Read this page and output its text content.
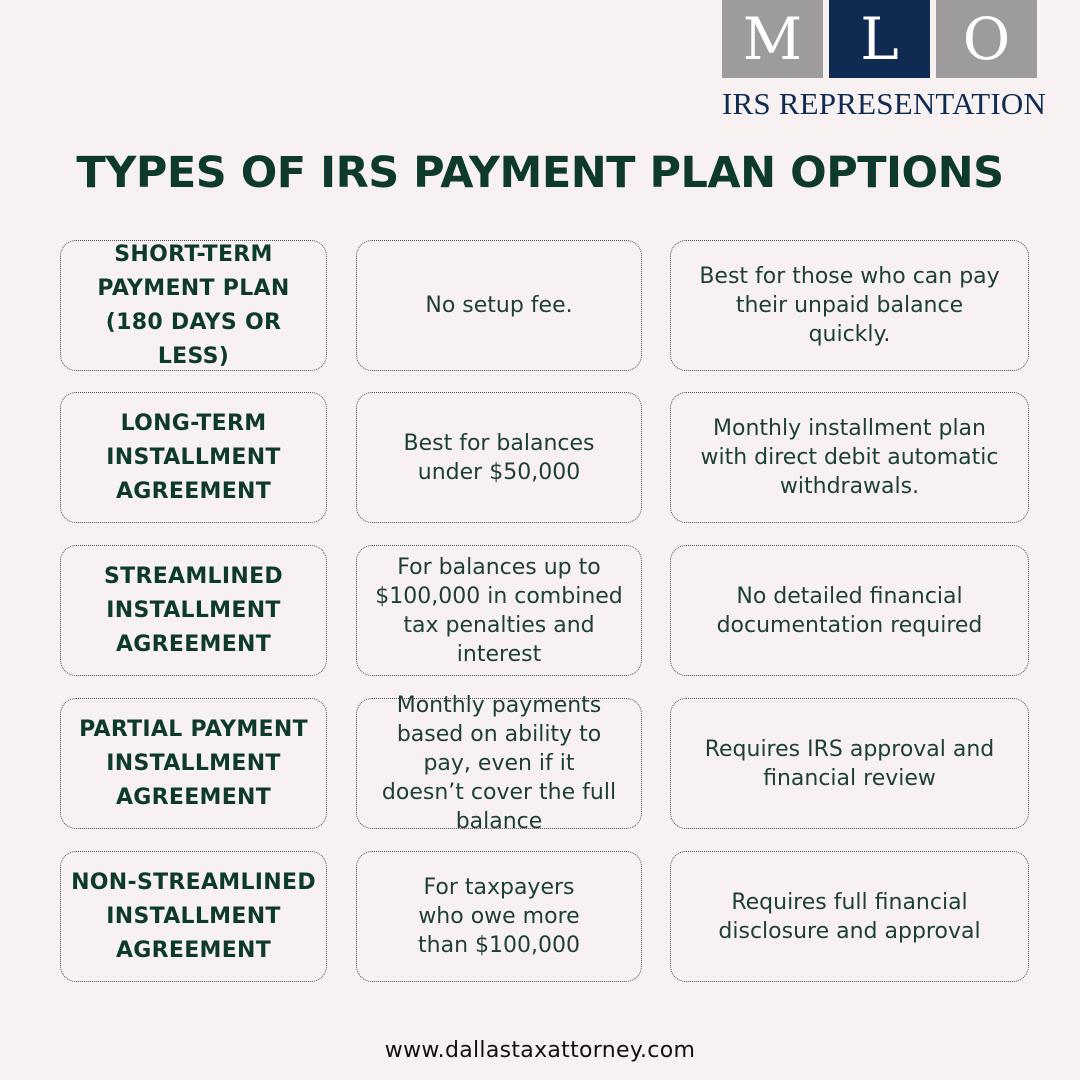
M	L	O
IRS REPRESENTATION
TYPES OF IRS PAYMENT PLAN OPTIONS
SHORT-TERM PAYMENT PLAN (180 DAYS OR LESS)
No setup fee.
Best for those who can pay their unpaid balance quickly.
LONG-TERM INSTALLMENT AGREEMENT
Best for balances under $50,000
Monthly installment plan with direct debit automatic withdrawals.
STREAMLINED INSTALLMENT AGREEMENT
For balances up to $100,000 in combined tax penalties and interest
No detailed financial documentation required
PARTIAL PAYMENT INSTALLMENT AGREEMENT
Monthly payments based on ability to pay, even if it doesn’t cover the full balance
Requires IRS approval and financial review
NON-STREAMLINED INSTALLMENT AGREEMENT
For taxpayers who owe more than $100,000
Requires full financial disclosure and approval
www.dallastaxattorney.com
